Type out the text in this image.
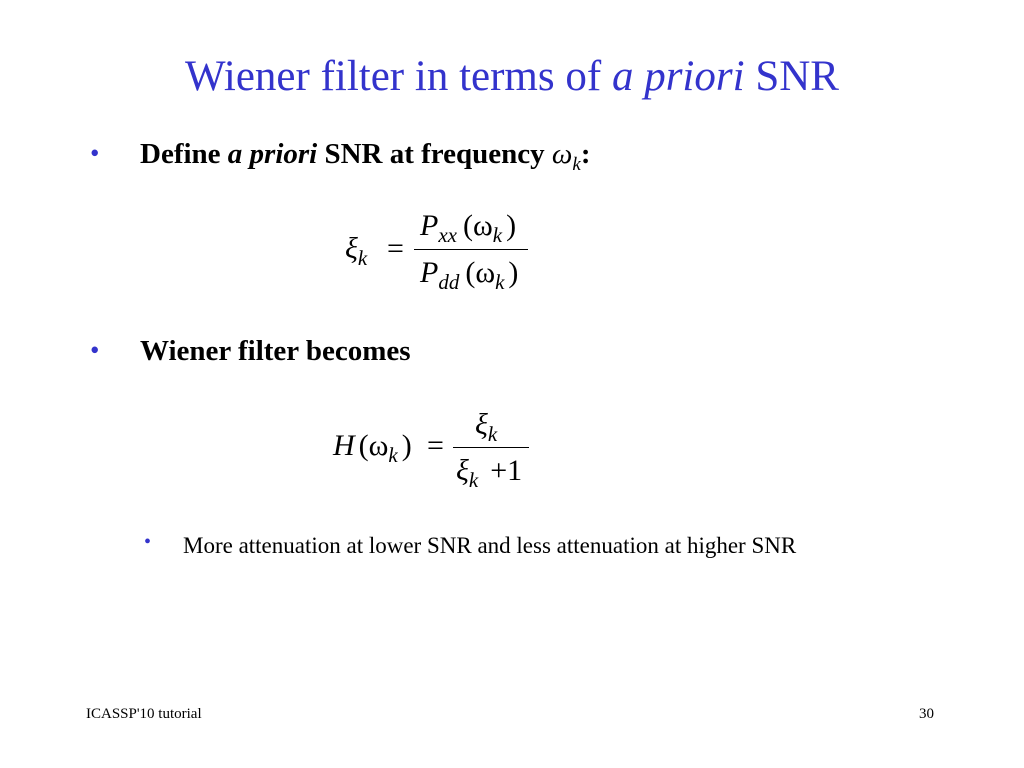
Wiener filter in terms of a priori SNR
• Define a priori SNR at frequency $\omega_k$:
$\xi_k$ =
$P_{xx}$ ($\omega_k$ )
$P_{dd}$ ($\omega_k$ )
• Wiener filter becomes
H ($\omega_k$ ) =
$\xi_k$
$\xi_k +1$
• More attenuation at lower SNR and less attenuation at higher SNR
ICASSP'10 tutorial	30
